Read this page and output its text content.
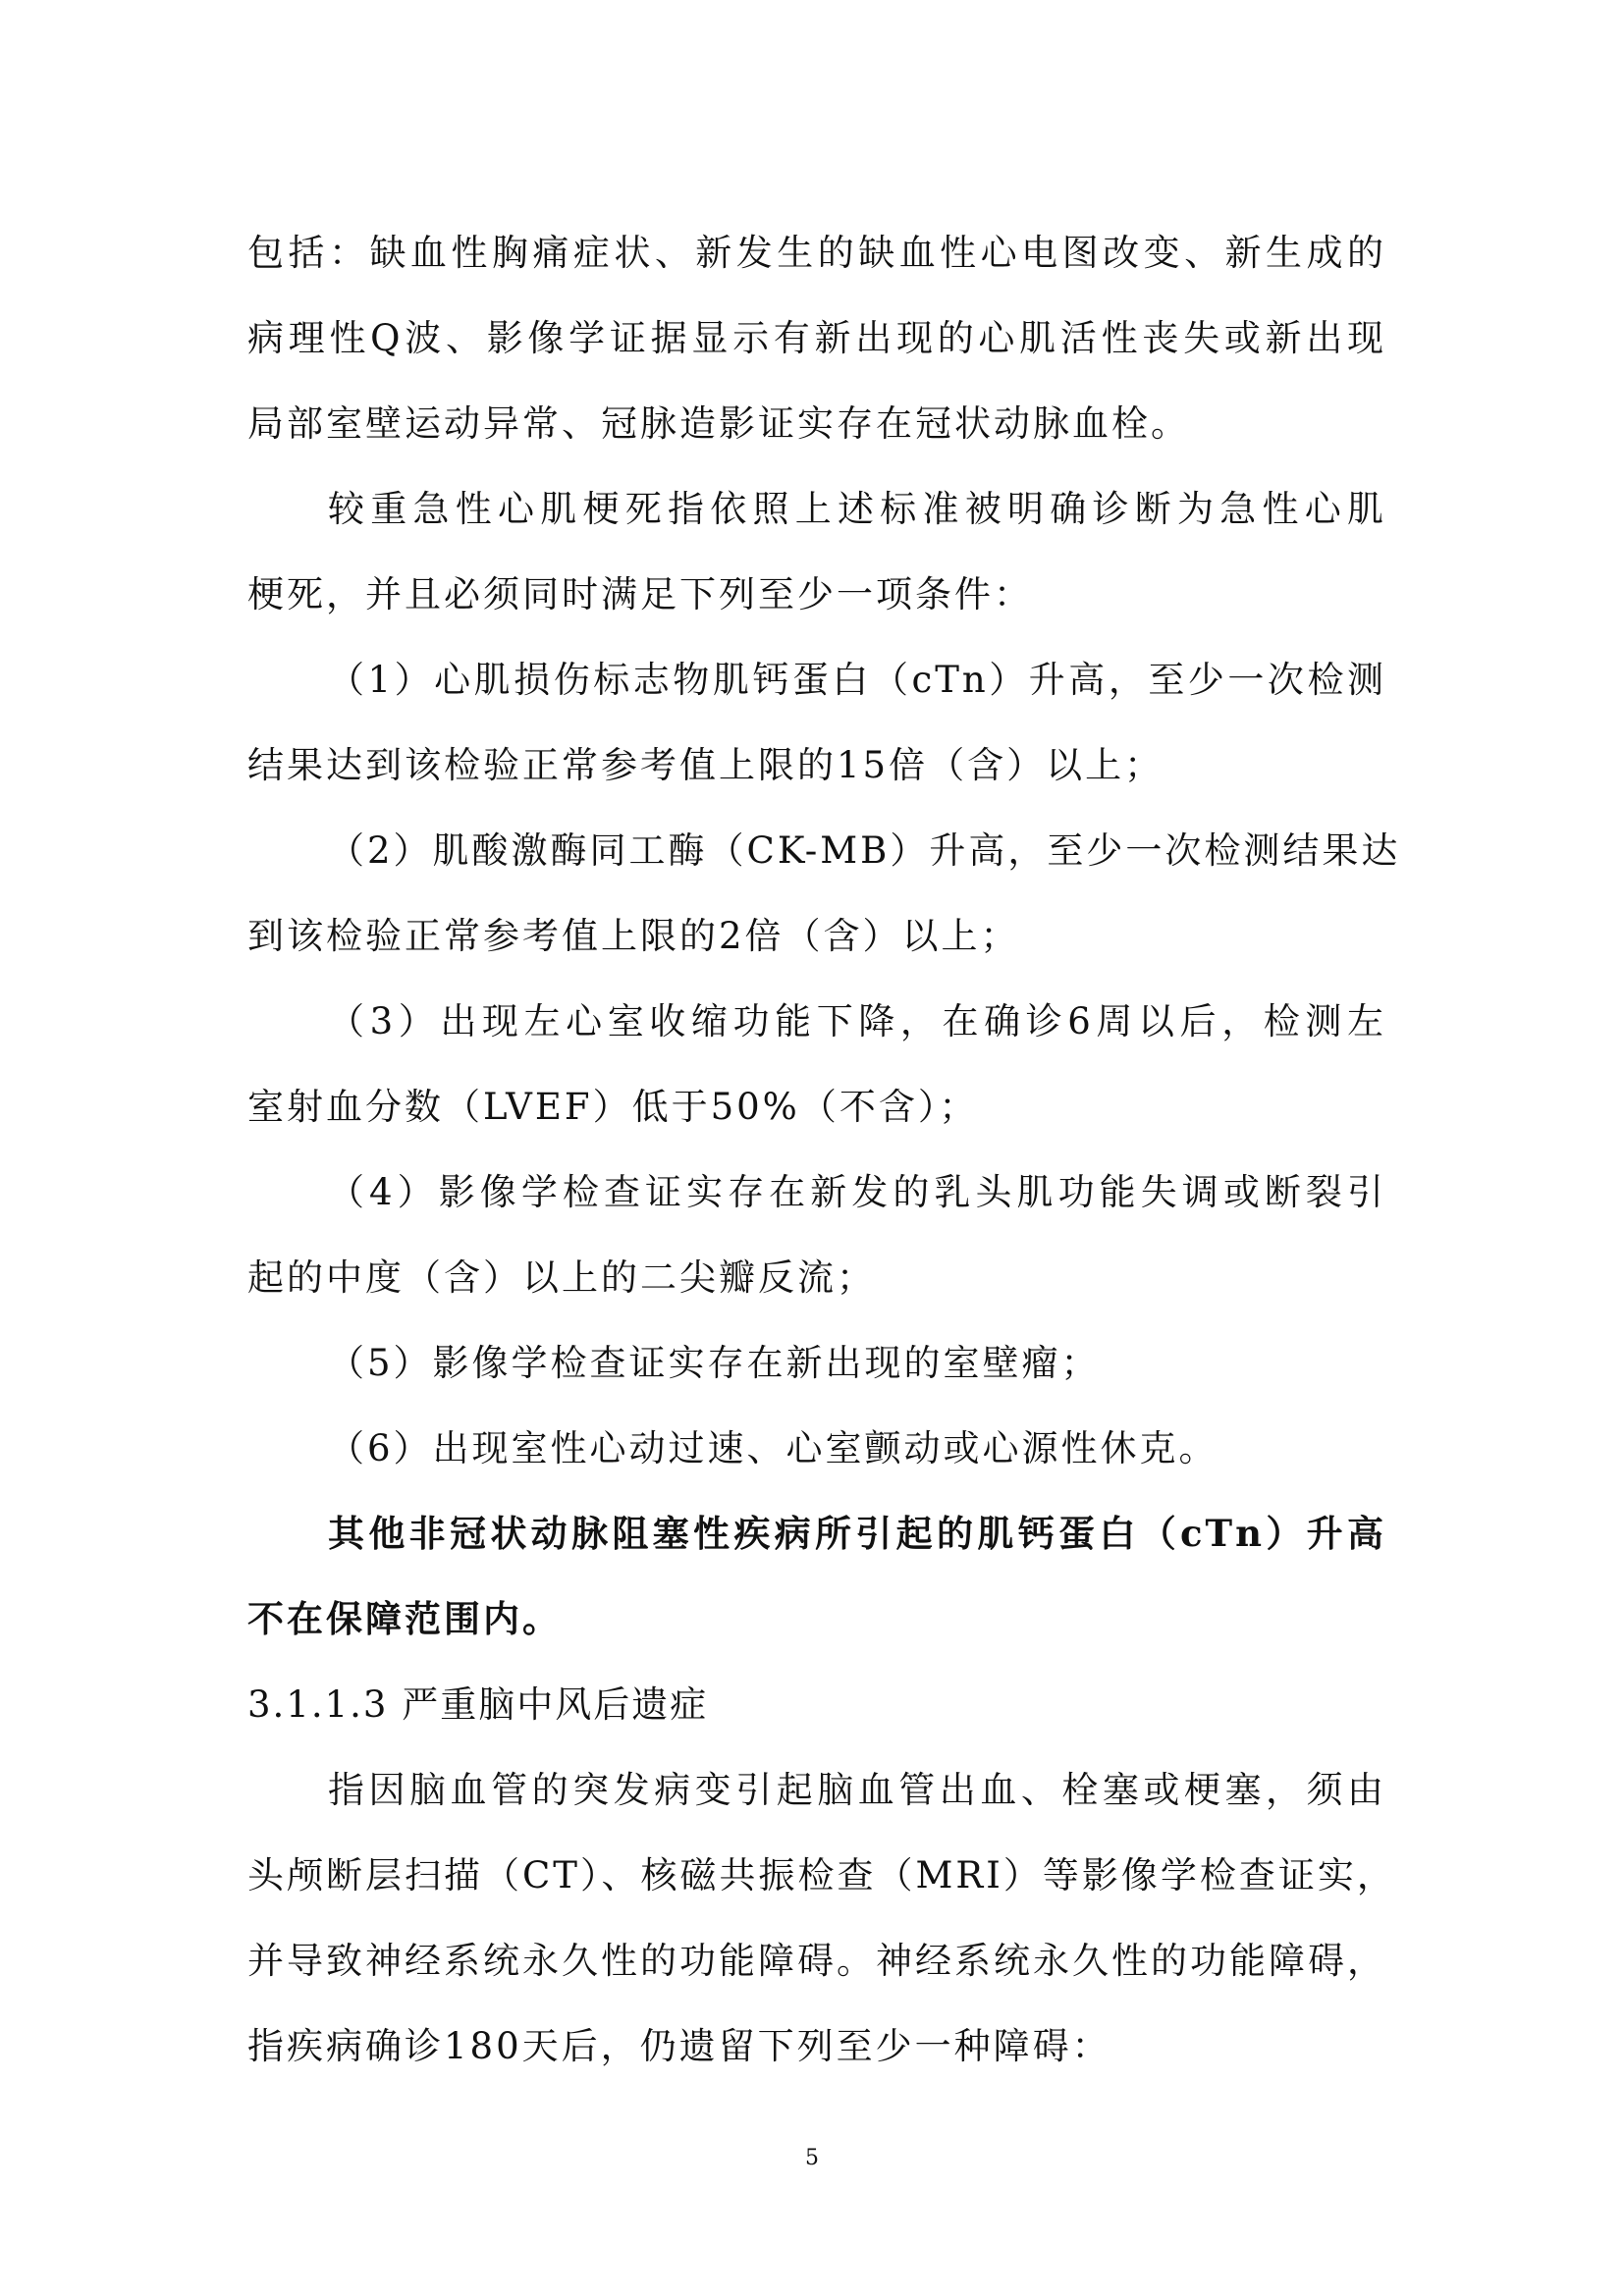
包括：缺血性胸痛症状、新发生的缺血性心电图改变、新生成的
病理性Q波、影像学证据显示有新出现的心肌活性丧失或新出现
局部室壁运动异常、冠脉造影证实存在冠状动脉血栓。
较重急性心肌梗死指依照上述标准被明确诊断为急性心肌
梗死，并且必须同时满足下列至少一项条件：
（1）心肌损伤标志物肌钙蛋白（cTn）升高，至少一次检测
结果达到该检验正常参考值上限的15倍（含）以上；
（2）肌酸激酶同工酶（CK-MB）升高，至少一次检测结果达
到该检验正常参考值上限的2倍（含）以上；
（3）出现左心室收缩功能下降，在确诊6周以后，检测左
室射血分数（LVEF）低于50%（不含）；
（4）影像学检查证实存在新发的乳头肌功能失调或断裂引
起的中度（含）以上的二尖瓣反流；
（5）影像学检查证实存在新出现的室壁瘤；
（6）出现室性心动过速、心室颤动或心源性休克。
其他非冠状动脉阻塞性疾病所引起的肌钙蛋白（cTn）升高
不在保障范围内。
3.1.1.3 严重脑中风后遗症
指因脑血管的突发病变引起脑血管出血、栓塞或梗塞，须由
头颅断层扫描（CT）、核磁共振检查（MRI）等影像学检查证实，
并导致神经系统永久性的功能障碍。神经系统永久性的功能障碍，
指疾病确诊180天后，仍遗留下列至少一种障碍：
5
